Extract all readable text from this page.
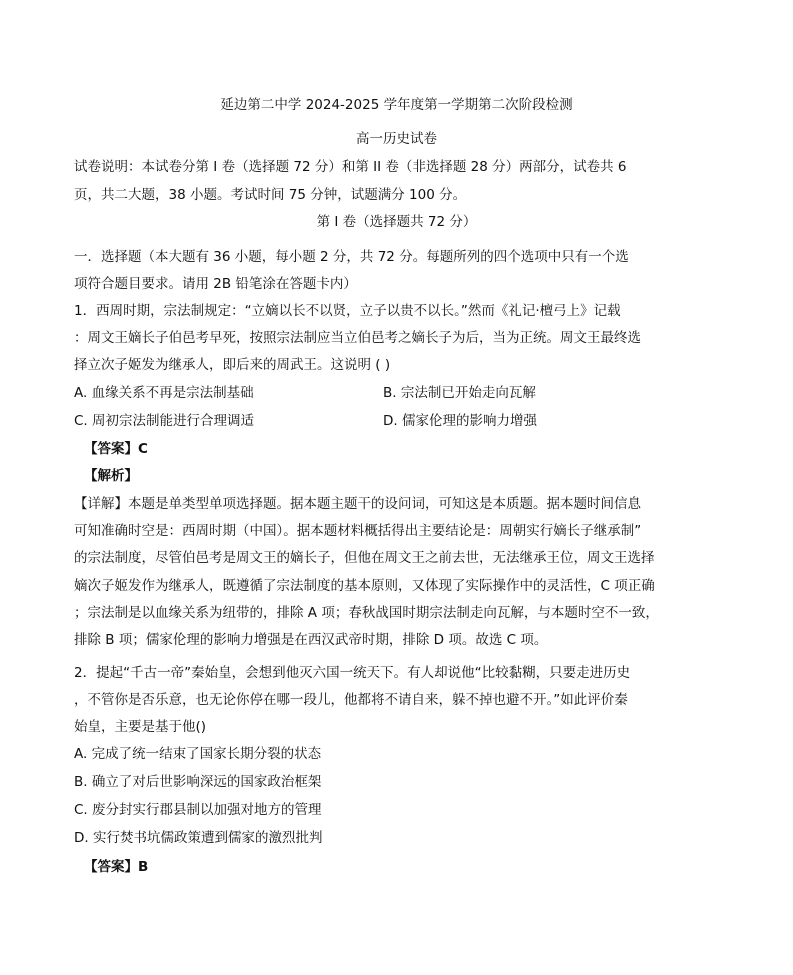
延边第二中学 2024-2025 学年度第一学期第二次阶段检测
高一历史试卷
试卷说明：本试卷分第 I 卷（选择题 72 分）和第 II 卷（非选择题 28 分）两部分，试卷共 6
页，共二大题，38 小题。考试时间 75 分钟，试题满分 100 分。
第 I 卷（选择题共 72 分）
一．选择题（本大题有 36 小题，每小题 2 分，共 72 分。每题所列的四个选项中只有一个选
项符合题目要求。请用 2B 铅笔涂在答题卡内）
1．西周时期，宗法制规定：“立嫡以长不以贤，立子以贵不以长。”然而《礼记·檀弓上》记载
：周文王嫡长子伯邑考早死，按照宗法制应当立伯邑考之嫡长子为后，当为正统。周文王最终选
择立次子姬发为继承人，即后来的周武王。这说明 ( )
A. 血缘关系不再是宗法制基础	B. 宗法制已开始走向瓦解
C. 周初宗法制能进行合理调适	D. 儒家伦理的影响力增强
【答案】C
【解析】
【详解】本题是单类型单项选择题。据本题主题干的设问词，可知这是本质题。据本题时间信息
可知准确时空是：西周时期（中国）。据本题材料概括得出主要结论是：周朝实行嫡长子继承制”
的宗法制度，尽管伯邑考是周文王的嫡长子，但他在周文王之前去世，无法继承王位，周文王选择
嫡次子姬发作为继承人，既遵循了宗法制度的基本原则，又体现了实际操作中的灵活性，C 项正确
；宗法制是以血缘关系为纽带的，排除 A 项；春秋战国时期宗法制走向瓦解，与本题时空不一致，
排除 B 项；儒家伦理的影响力增强是在西汉武帝时期，排除 D 项。故选 C 项。
2．提起“千古一帝”秦始皇，会想到他灭六国一统天下。有人却说他“比较黏糊，只要走进历史
，不管你是否乐意，也无论你停在哪一段儿，他都将不请自来，躲不掉也避不开。”如此评价秦
始皇，主要是基于他()
A. 完成了统一结束了国家长期分裂的状态
B. 确立了对后世影响深远的国家政治框架
C. 废分封实行郡县制以加强对地方的管理
D. 实行焚书坑儒政策遭到儒家的激烈批判
【答案】B
